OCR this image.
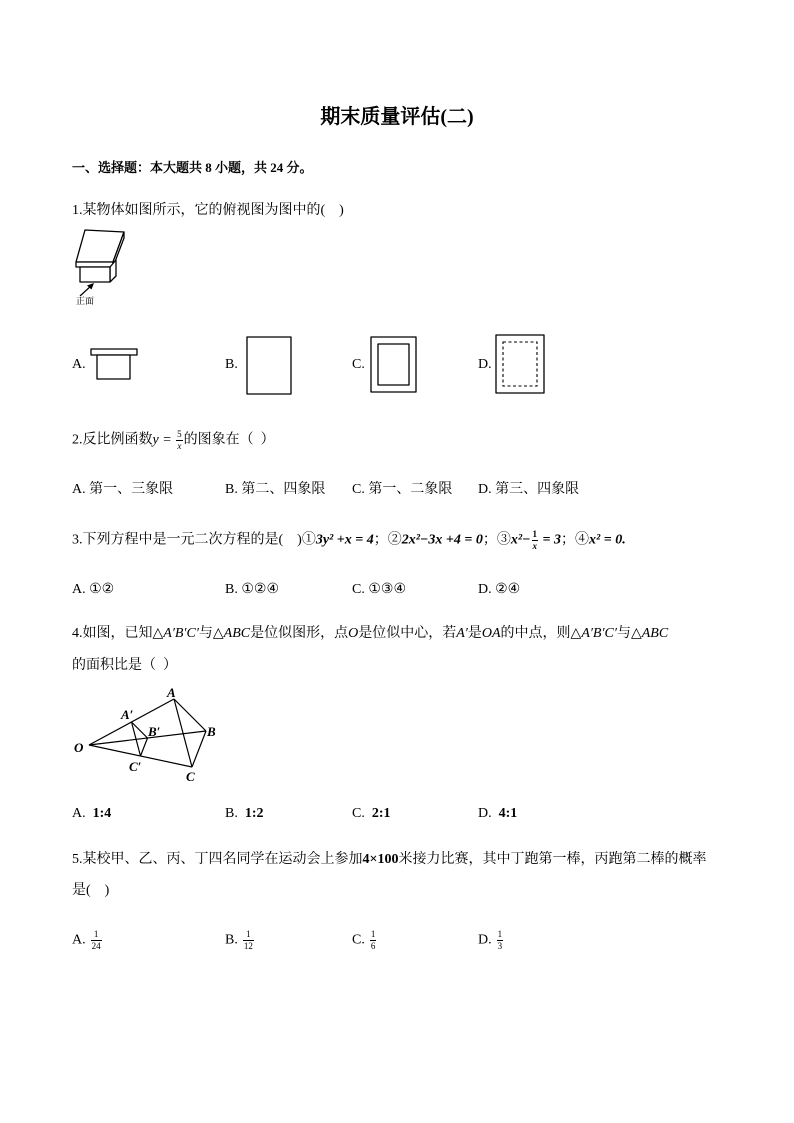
期末质量评估(二)
一、选择题：本大题共 8 小题，共 24 分。
1.某物体如图所示，它的俯视图为图中的(    )
正面
A.	B.	C.	D.
2.反比例函数$y = \frac{5}{x}$ 的图象在（  ）
A. 第一、三象限	B. 第二、四象限 C. 第一、二象限 D. 第三、四象限
3.下列方程中是一元二次方程的是(    )①3y² +x = 4；②2x²−3x +4 = 0；③x²− $\frac{1}{x} = 3$；④x² = 0.
A. ①②	B. ①②④	C. ①③④	D. ②④
4.如图，已知△A′B′C′与△ABC是位似图形，点O是位似中心，若A′是OA的中点，则△A′B′C′与△ABC
的面积比是（  ）
A
A′
B′	B
O
C′
C
A. 1:4	B. 1:2	C. 2:1	D. 4:1
5.某校甲、乙、丙、丁四名同学在运动会上参加4×100米接力比赛，其中丁跑第一棒，丙跑第二棒的概率
是(    )
A. $\frac{1}{24}$	B. $\frac{1}{12}$	C. $\frac{1}{6}$	D. $\frac{1}{3}$
